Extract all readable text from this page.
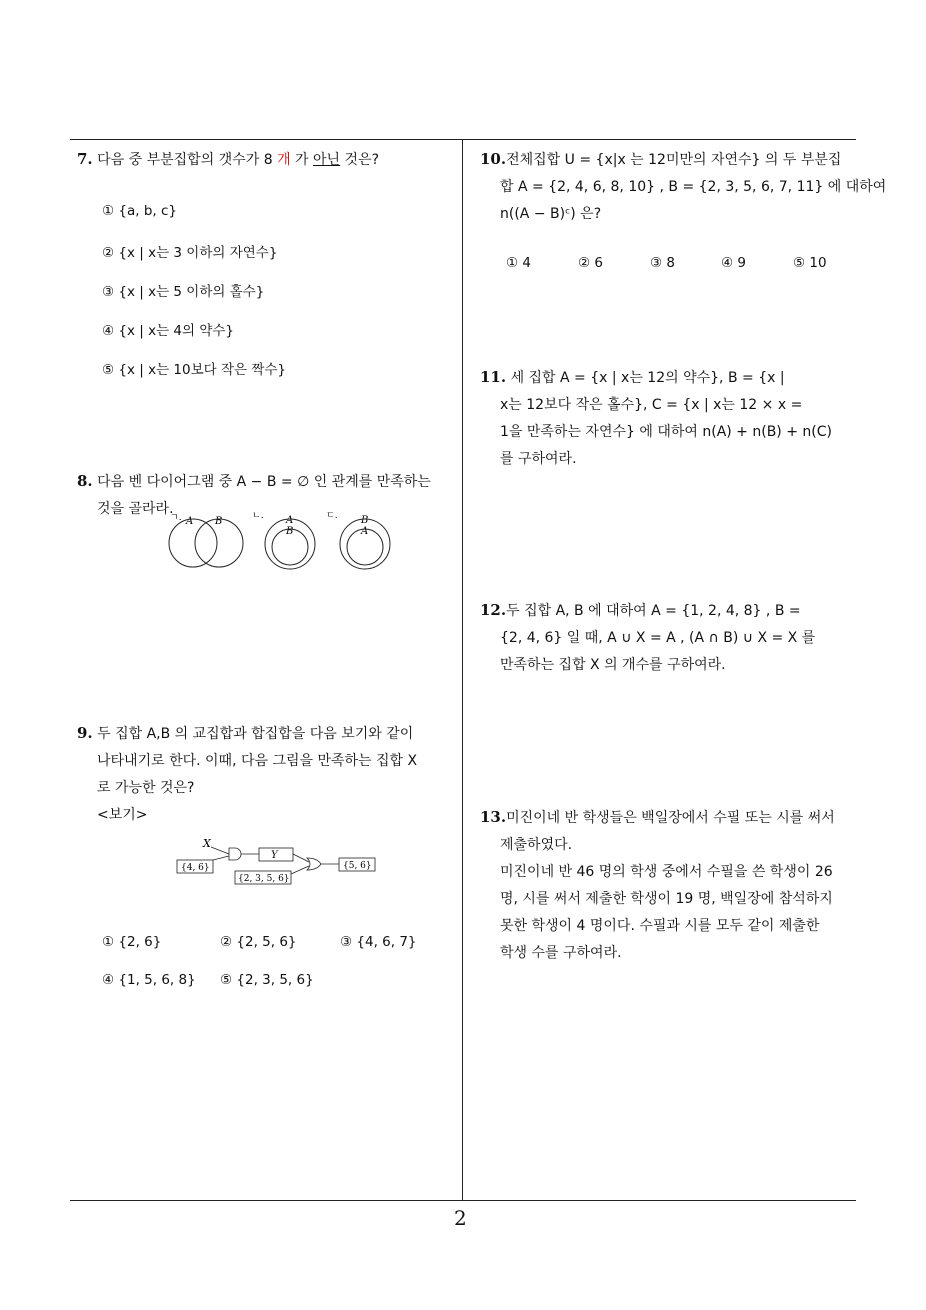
7. 다음 중 부분집합의 갯수가 8 개 가 아닌 것은?
① {a, b, c}
② {x | x는 3 이하의 자연수}
③ {x | x는 5 이하의 홀수}
④ {x | x는 4의 약수}
⑤ {x | x는 10보다 작은 짝수}
8. 다음 벤 다이어그램 중 A − B = ∅ 인 관계를 만족하는
것을 골라라.
ㄱ. A B	ㄴ. A
B
ㄷ. B
A
9. 두 집합 A,B 의 교집합과 합집합을 다음 보기와 같이
나타내기로 한다. 이때, 다음 그림을 만족하는 집합 X
로 가능한 것은?
<보기>
X
{4, 6}
Y
{2, 3, 5, 6}
{5, 6}
① {2, 6}	② {2, 5, 6}	③ {4, 6, 7}
④ {1, 5, 6, 8} ⑤ {2, 3, 5, 6}
10.전체집합 U = {x|x 는 12미만의 자연수} 의 두 부분집
합 A = {2, 4, 6, 8, 10} , B = {2, 3, 5, 6, 7, 11} 에 대하여
n((A − B)ᶜ) 은?
① 4	② 6	③ 8	④ 9	⑤ 10
11. 세 집합 A = {x | x는 12의 약수}, B = {x |
x는 12보다 작은 홀수}, C = {x | x는 12 × x =
1을 만족하는 자연수} 에 대하여 n(A) + n(B) + n(C)
를 구하여라.
12.두 집합 A, B 에 대하여 A = {1, 2, 4, 8} , B =
{2, 4, 6} 일 때, A ∪ X = A , (A ∩ B) ∪ X = X 를
만족하는 집합 X 의 개수를 구하여라.
13.미진이네 반 학생들은 백일장에서 수필 또는 시를 써서
제출하였다.
미진이네 반 46 명의 학생 중에서 수필을 쓴 학생이 26
명, 시를 써서 제출한 학생이 19 명, 백일장에 참석하지
못한 학생이 4 명이다. 수필과 시를 모두 같이 제출한
학생 수를 구하여라.
2
